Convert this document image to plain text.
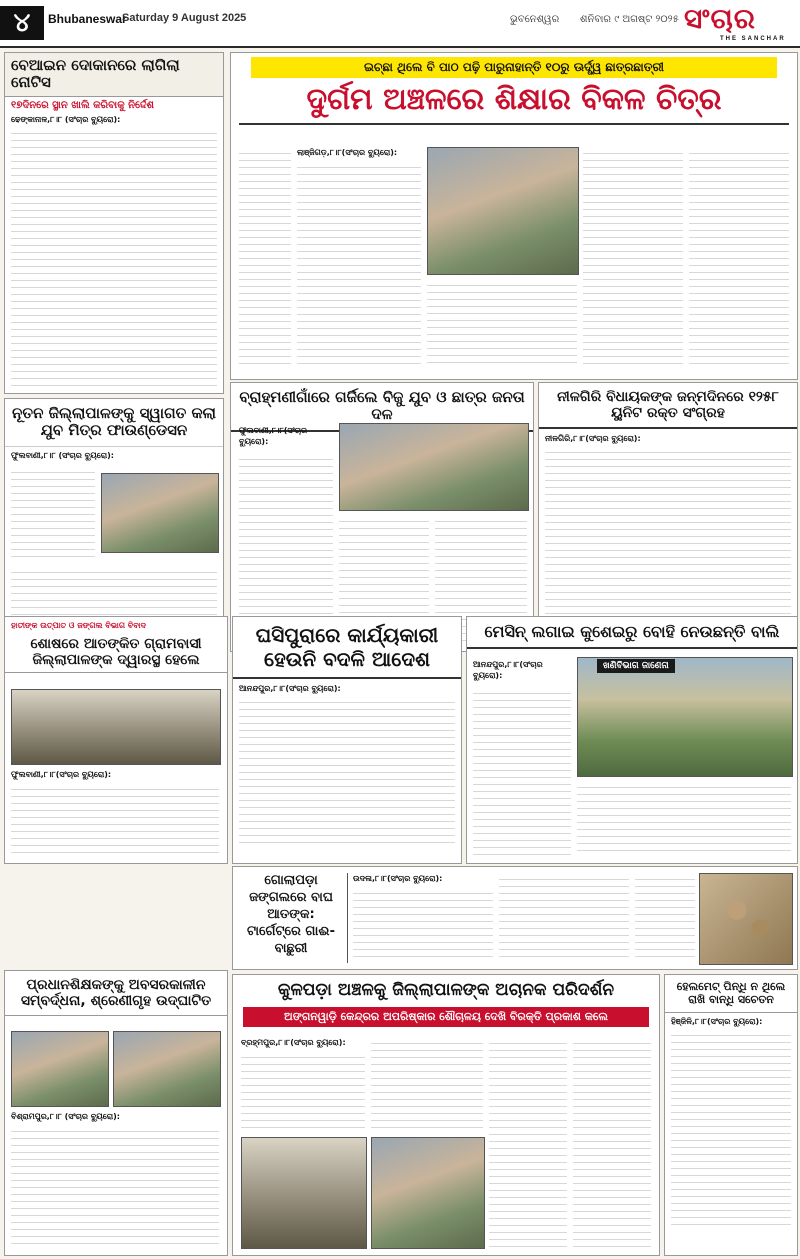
୪	Bhubaneswar
Saturday 9 August 2025	ଭୁବନେଶ୍ୱର ଶନିବାର ୯ ଅଗଷ୍ଟ ୨୦୨୫ ସଂଚାର
THE SANCHAR
ବେଆଇନ ଦୋକାନରେ ଲାଗିଲା ନୋଟିସ
୧୭ଦିନରେ ସ୍ଥାନ ଖାଲି କରିବାକୁ ନିର୍ଦ୍ଦେଶ
ଢେଙ୍କାନାଳ,୮।୮ (ସଂଚାର ବ୍ୟୁରୋ):
ନୂତନ ଜିଲ୍ଲାପାଳଙ୍କୁ ସ୍ୱାଗତ କଲା ଯୁବ ମିତ୍ର ଫାଉଣ୍ଡେସନ
ଫୁଲବାଣୀ,୮।୮ (ସଂଚାର ବ୍ୟୁରୋ):
ଇଚ୍ଛା ଥିଲେ ବି ପାଠ ପଢ଼ି ପାରୁନାହାନ୍ତି ୧୦ରୁ ଊର୍ଦ୍ଧ୍ୱ ଛାତ୍ରଛାତ୍ରୀ
ଦୁର୍ଗମ ଅଞ୍ଚଳରେ ଶିକ୍ଷାର ବିକଳ ଚିତ୍ର
ଲାଞ୍ଜିଗଡ଼,୮।୮(ସଂଚାର ବ୍ୟୁରୋ):
ବ୍ରାହ୍ମଣୀଗାଁରେ ଗର୍ଜିଲେ ବିଜୁ ଯୁବ ଓ ଛାତ୍ର ଜନତା ଦଳ
ଫୁଲବାଣୀ,୮।୮(ସଂଚାର ବ୍ୟୁରୋ):
ନୀଳଗିରି ବିଧାୟକଙ୍କ ଜନ୍ମଦିନରେ ୧୨୫୮ ୟୁନିଟ ରକ୍ତ ସଂଗ୍ରହ
ନୀଳଗିରି,୮।୮(ସଂଚାର ବ୍ୟୁରୋ):
ହାତୀଙ୍କ ଉତ୍ପାତ ଓ ଜଙ୍ଗଲ ବିଭାଗ ବିବାଦ
ଶୋଷରେ ଆତଙ୍କିତ ଗ୍ରାମବାସୀ ଜିଲ୍ଲାପାଳଙ୍କ ଦ୍ୱାରସ୍ଥ ହେଲେ
ଫୁଲବାଣୀ,୮।୮(ସଂଚାର ବ୍ୟୁରୋ):
ଘସିପୁରାରେ କାର୍ଯ୍ୟକାରୀ ହେଉନି ବଦଳି ଆଦେଶ
ଆନନ୍ଦପୁର,୮।୮(ସଂଚାର ବ୍ୟୁରୋ):
ମେସିନ୍ ଲଗାଇ କୁଶେଇରୁ ବୋହି ନେଉଛନ୍ତି ବାଲି
ଆନନ୍ଦପୁର,୮।୮(ସଂଚାର ବ୍ୟୁରୋ):
ଖଣିବିଭାଗ ଜାଣେନା
ଗୋଲାପଡ଼ା ଜଙ୍ଗଲରେ ବାଘ ଆତଙ୍କ: ଟାର୍ଗେଟ୍‌ରେ ଗାଈ-ବାଛୁରୀ
ଉଦଳା,୮।୮(ସଂଚାର ବ୍ୟୁରୋ):
ପ୍ରଧାନଶିକ୍ଷକଙ୍କୁ ଅବସରକାଳୀନ ସମ୍ବର୍ଦ୍ଧନା, ଶ୍ରେଣୀଗୃହ ଉଦ୍‌ଘାଟିତ
ବିଶ୍ରାମପୁର,୮।୮ (ସଂଚାର ବ୍ୟୁରୋ):
କୁଳପଡ଼ା ଅଞ୍ଚଳକୁ ଜିଲ୍ଲାପାଳଙ୍କ ଅଚାନକ ପରିଦର୍ଶନ
ଅଙ୍ଗନୱାଡ଼ି କେନ୍ଦ୍ରର ଅପରିଷ୍କାର ଶୌଚାଳୟ ଦେଖି ବିରକ୍ତି ପ୍ରକାଶ କଲେ
ବ୍ରହ୍ମପୁର,୮।୮(ସଂଚାର ବ୍ୟୁରୋ):
ହେଲମେଟ୍ ପିନ୍ଧି ନ ଥିଲେ ରାଖି ବାନ୍ଧି ସଚେତନ
ହିଞ୍ଜିଳି,୮।୮(ସଂଚାର ବ୍ୟୁରୋ):
